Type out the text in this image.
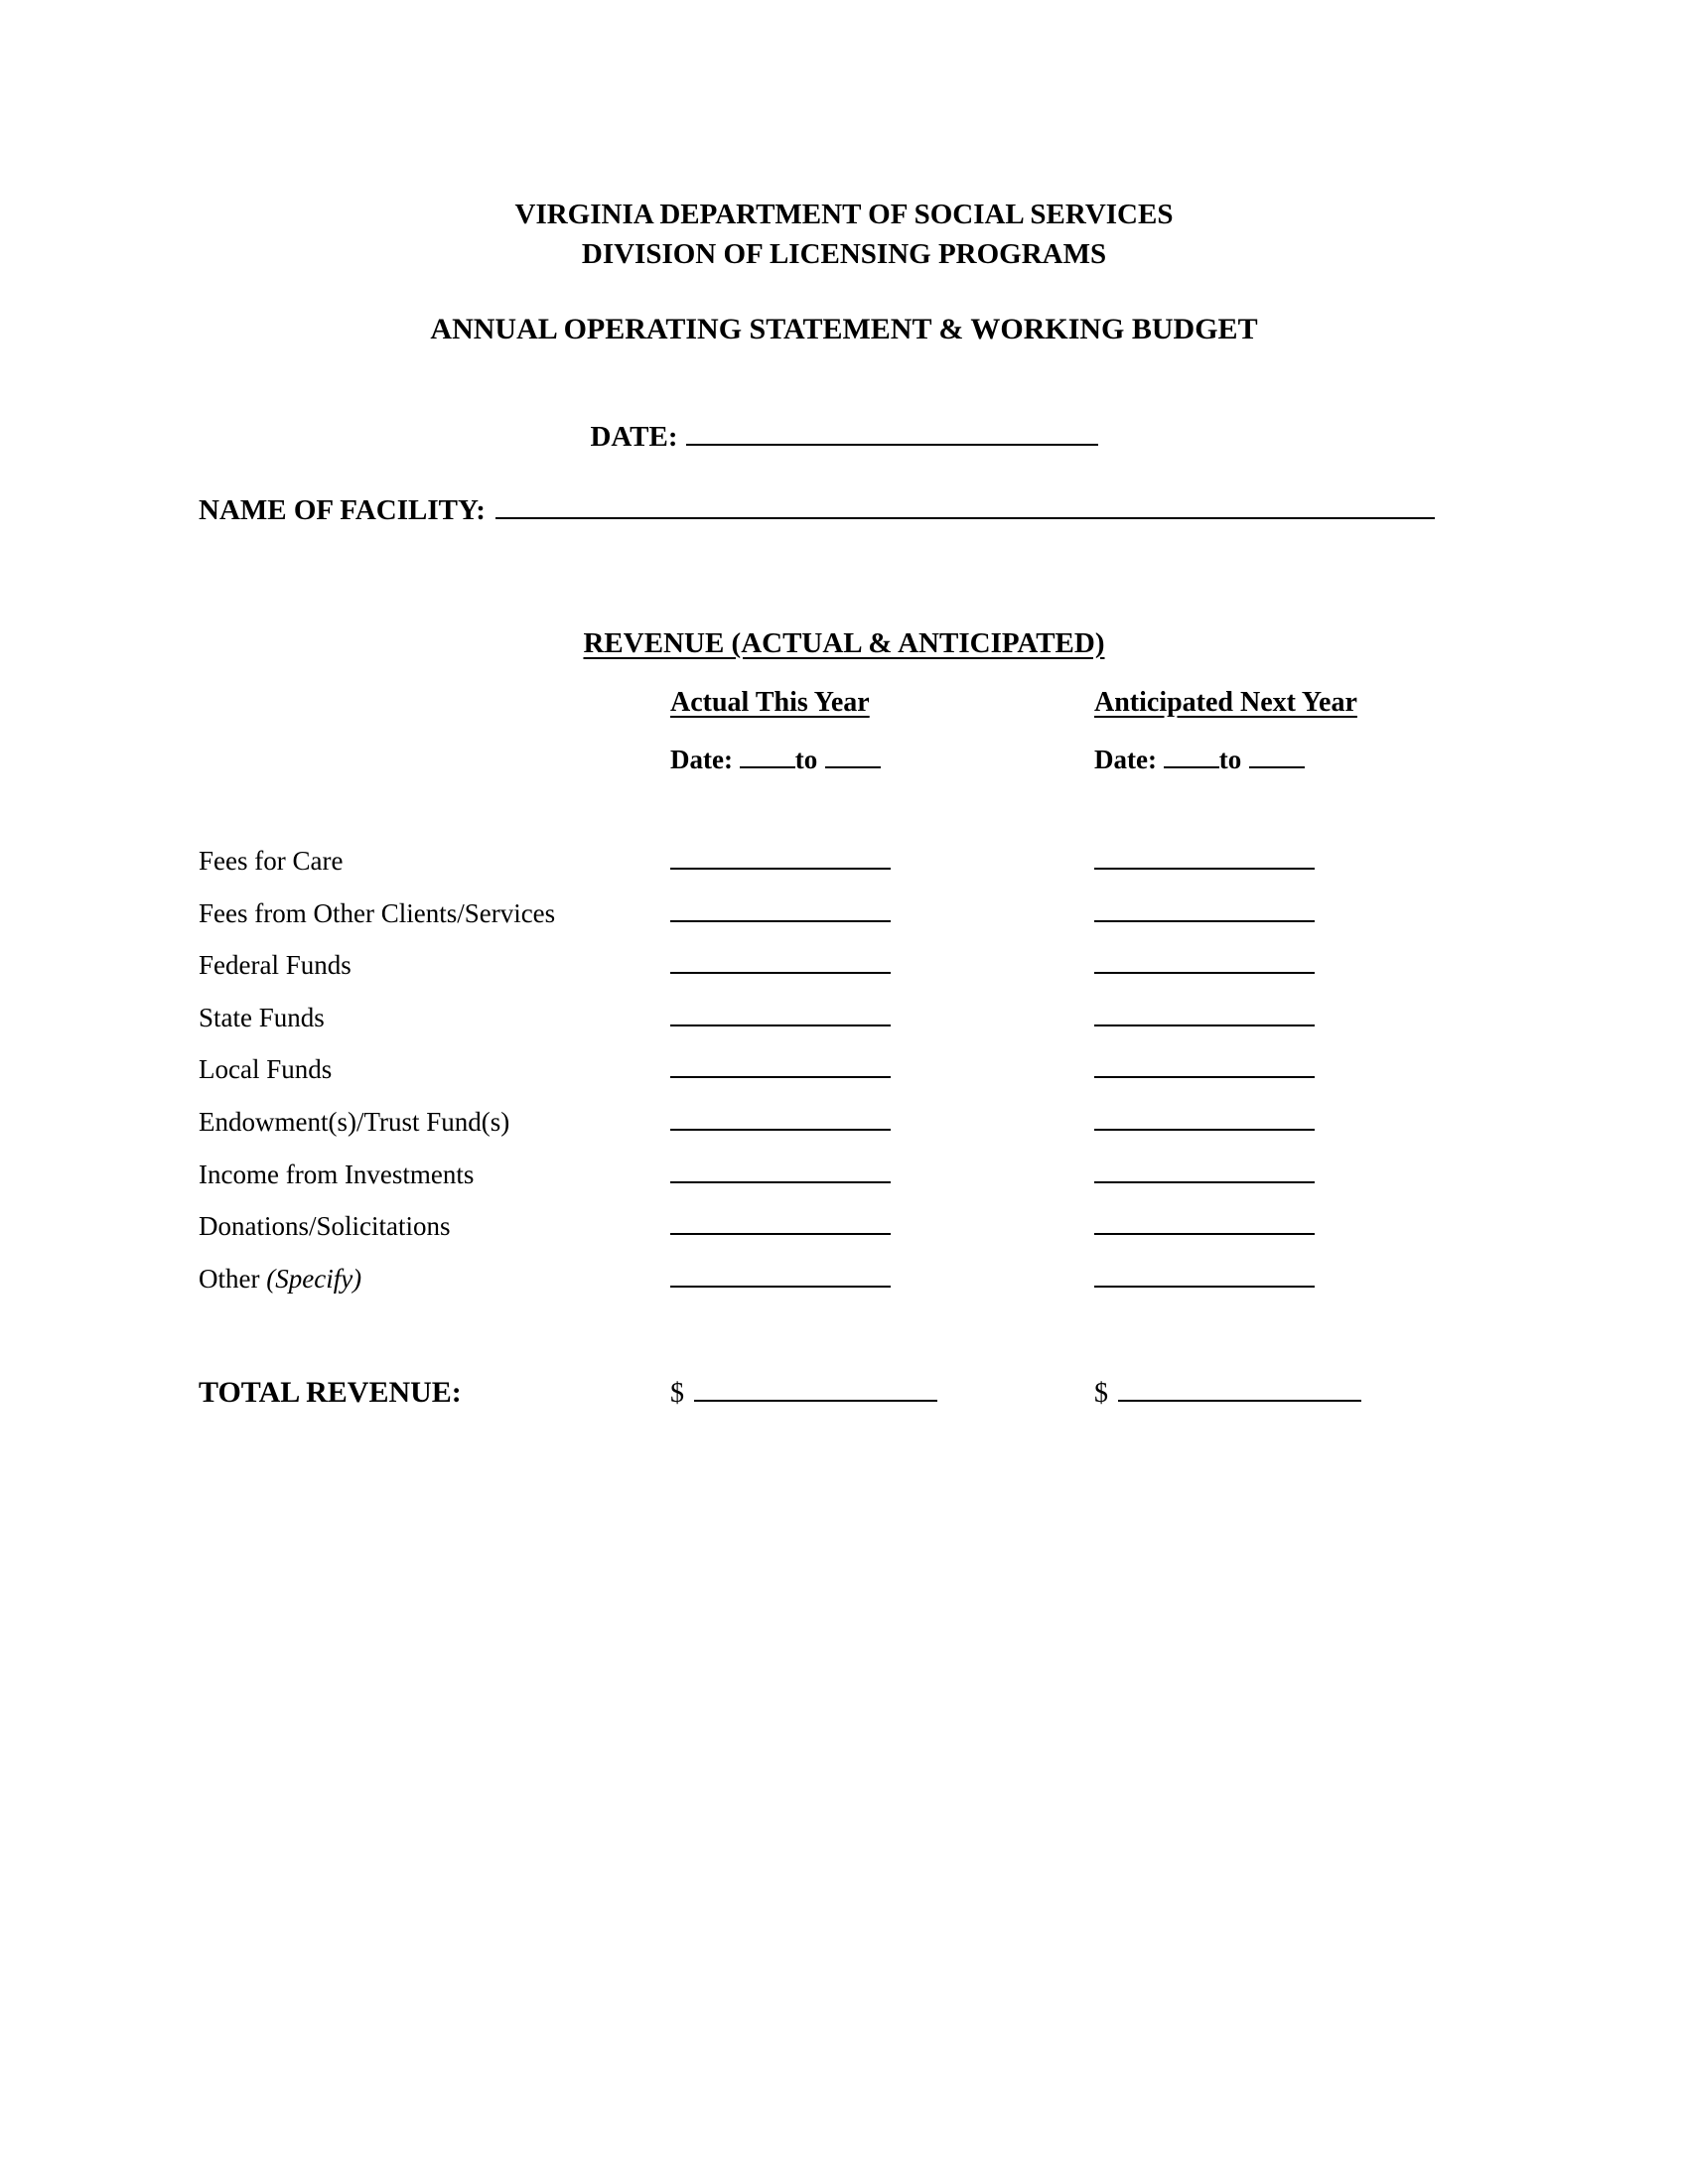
VIRGINIA DEPARTMENT OF SOCIAL SERVICES
DIVISION OF LICENSING PROGRAMS
ANNUAL OPERATING STATEMENT & WORKING BUDGET
DATE:
NAME OF FACILITY:
REVENUE (ACTUAL & ANTICIPATED)
Actual This Year	Anticipated Next Year
Date: to	Date: to
Fees for Care
Fees from Other Clients/Services
Federal Funds
State Funds
Local Funds
Endowment(s)/Trust Fund(s)
Income from Investments
Donations/Solicitations
Other (Specify)
TOTAL REVENUE:	$	$
